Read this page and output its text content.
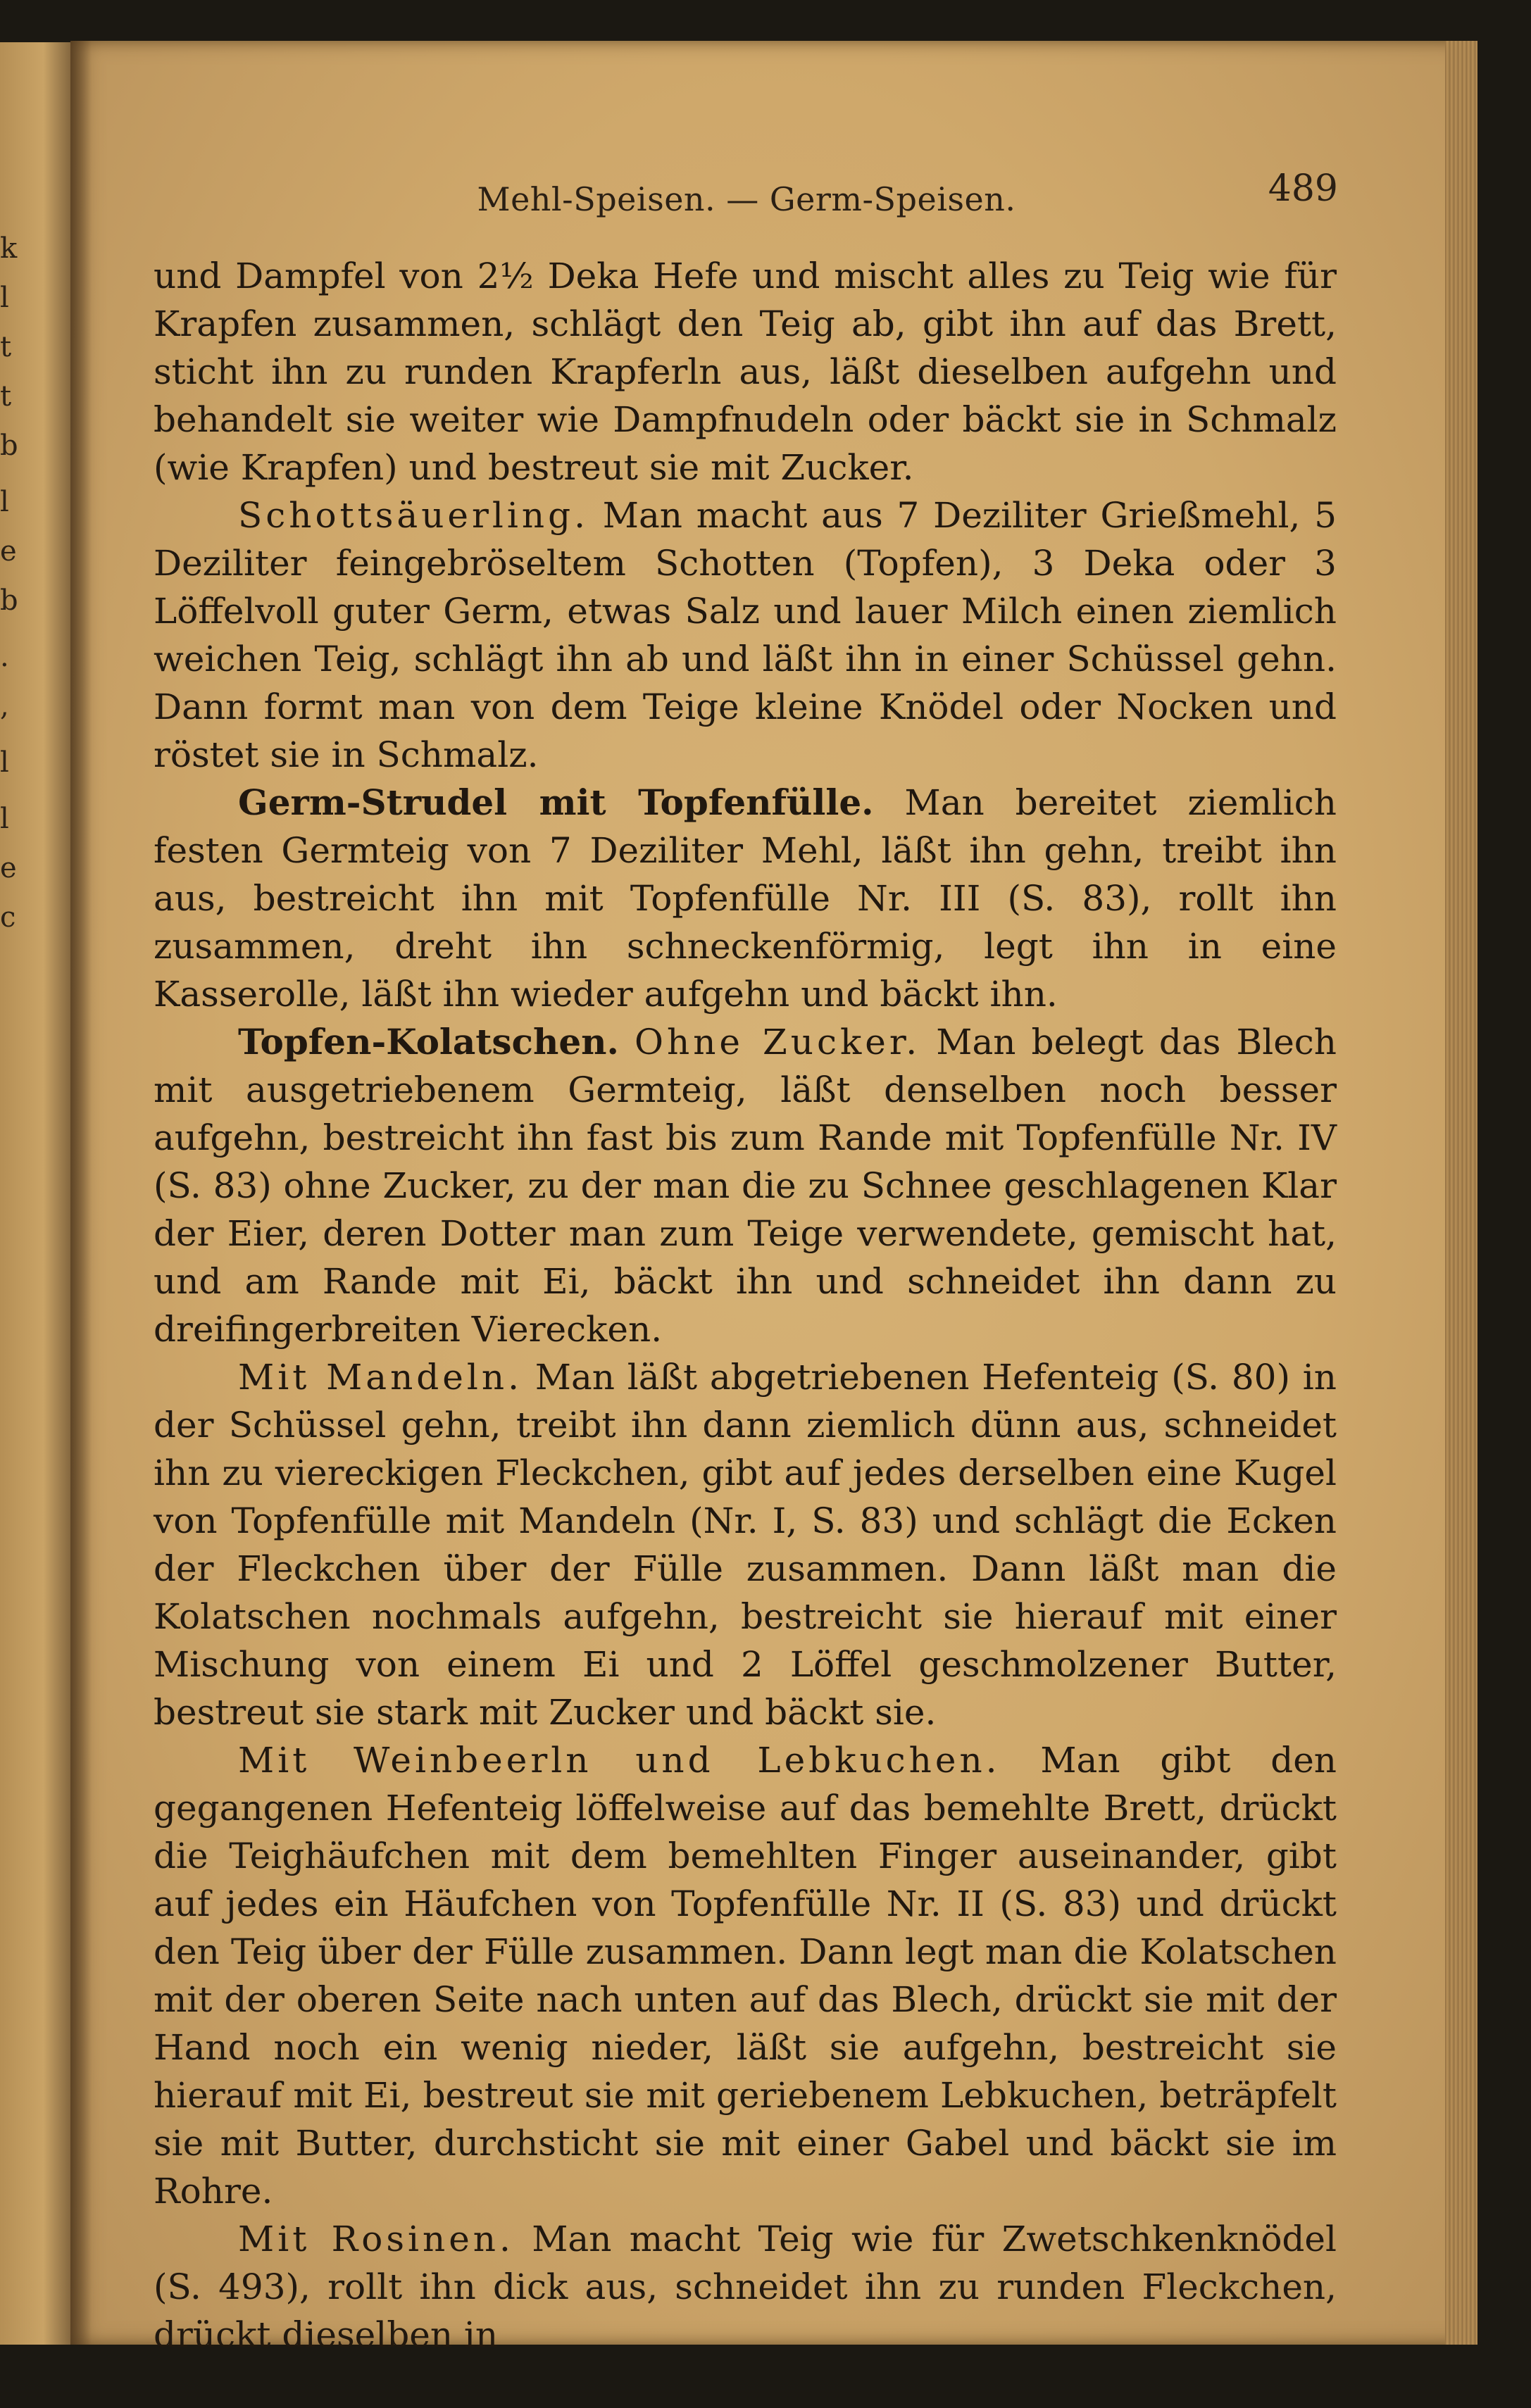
k
l
t
t
b
l
e
b
.
,
l
l
e
c
Mehl-Speisen. — Germ-Speisen.	489

und Dampfel von 2½ Deka Hefe und mischt alles zu Teig wie für Krapfen zusammen, schlägt den Teig ab, gibt ihn auf das Brett, sticht ihn zu runden Krapferln aus, läßt dieselben aufgehn und behandelt sie weiter wie Dampfnudeln oder bäckt sie in Schmalz (wie Krapfen) und bestreut sie mit Zucker.

Schottsäuerling. Man macht aus 7 Deziliter Grießmehl, 5 Deziliter feingebröseltem Schotten (Topfen), 3 Deka oder 3 Löffelvoll guter Germ, etwas Salz und lauer Milch einen ziemlich weichen Teig, schlägt ihn ab und läßt ihn in einer Schüssel gehn. Dann formt man von dem Teige kleine Knödel oder Nocken und röstet sie in Schmalz.

Germ-Strudel mit Topfenfülle. Man bereitet ziemlich festen Germteig von 7 Deziliter Mehl, läßt ihn gehn, treibt ihn aus, bestreicht ihn mit Topfenfülle Nr. III (S. 83), rollt ihn zusammen, dreht ihn schneckenförmig, legt ihn in eine Kasserolle, läßt ihn wieder aufgehn und bäckt ihn.

Topfen-Kolatschen. Ohne Zucker. Man belegt das Blech mit ausgetriebenem Germteig, läßt denselben noch besser aufgehn, bestreicht ihn fast bis zum Rande mit Topfenfülle Nr. IV (S. 83) ohne Zucker, zu der man die zu Schnee geschlagenen Klar der Eier, deren Dotter man zum Teige verwendete, gemischt hat, und am Rande mit Ei, bäckt ihn und schneidet ihn dann zu dreifingerbreiten Vierecken.

Mit Mandeln. Man läßt abgetriebenen Hefenteig (S. 80) in der Schüssel gehn, treibt ihn dann ziemlich dünn aus, schneidet ihn zu viereckigen Fleckchen, gibt auf jedes derselben eine Kugel von Topfenfülle mit Mandeln (Nr. I, S. 83) und schlägt die Ecken der Fleckchen über der Fülle zusammen. Dann läßt man die Kolatschen nochmals aufgehn, bestreicht sie hierauf mit einer Mischung von einem Ei und 2 Löffel geschmolzener Butter, bestreut sie stark mit Zucker und bäckt sie.

Mit Weinbeerln und Lebkuchen. Man gibt den gegangenen Hefenteig löffelweise auf das bemehlte Brett, drückt die Teighäufchen mit dem bemehlten Finger auseinander, gibt auf jedes ein Häufchen von Topfenfülle Nr. II (S. 83) und drückt den Teig über der Fülle zusammen. Dann legt man die Kolatschen mit der oberen Seite nach unten auf das Blech, drückt sie mit der Hand noch ein wenig nieder, läßt sie aufgehn, bestreicht sie hierauf mit Ei, bestreut sie mit geriebenem Lebkuchen, beträpfelt sie mit Butter, durchsticht sie mit einer Gabel und bäckt sie im Rohre.

Mit Rosinen. Man macht Teig wie für Zwetschkenknödel (S. 493), rollt ihn dick aus, schneidet ihn zu runden Fleckchen, drückt dieselben in
